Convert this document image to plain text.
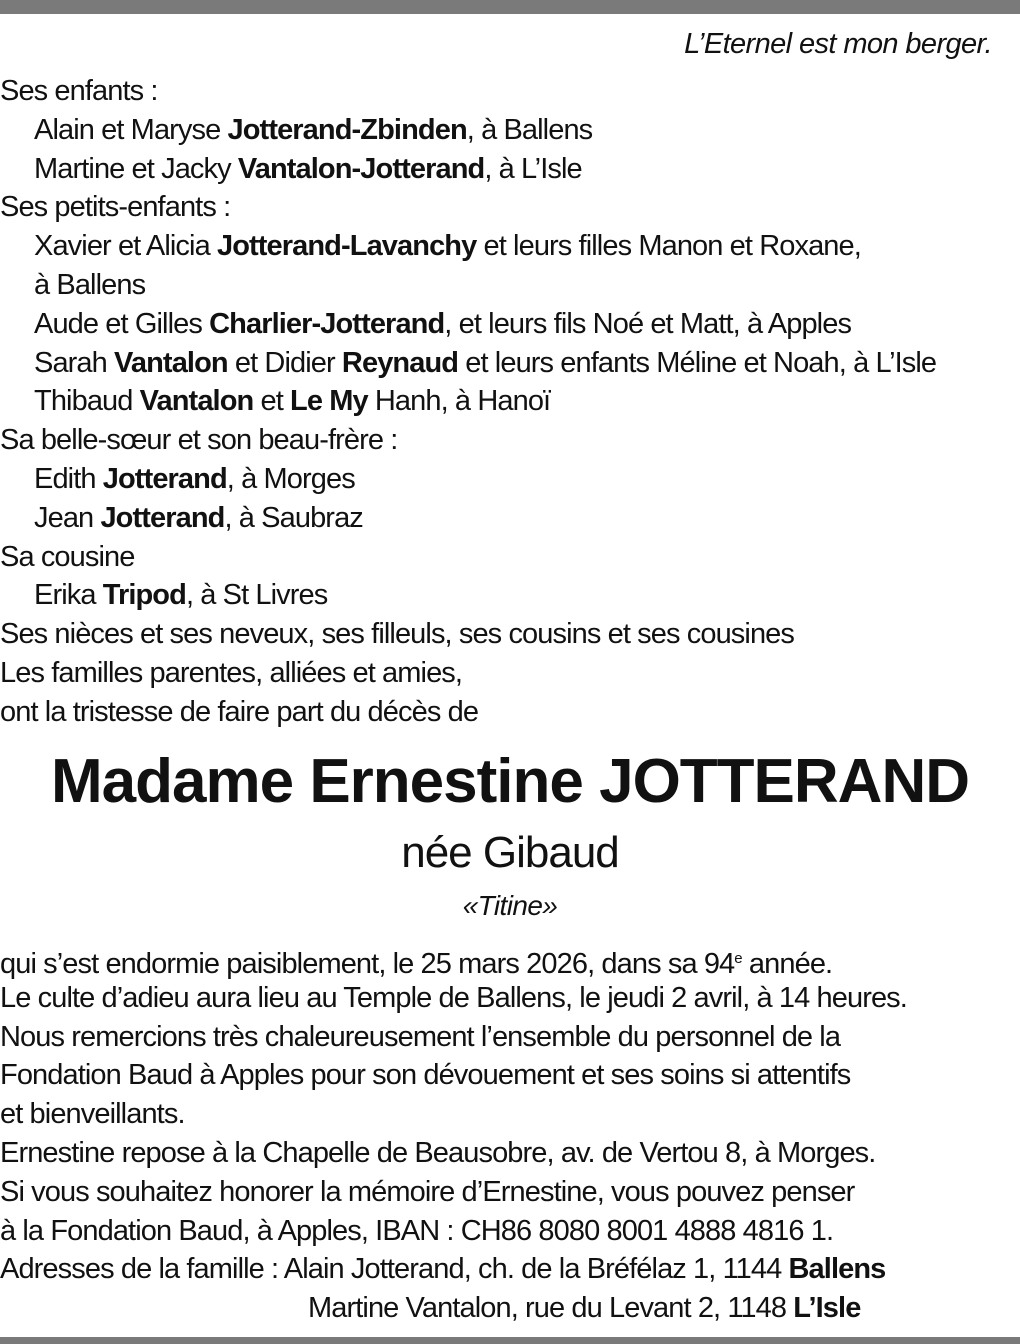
L’Eternel est mon berger.
Ses enfants :
Alain et Maryse Jotterand-Zbinden, à Ballens
Martine et Jacky Vantalon-Jotterand, à L’Isle
Ses petits-enfants :
Xavier et Alicia Jotterand-Lavanchy et leurs filles Manon et Roxane,
à Ballens
Aude et Gilles Charlier-Jotterand, et leurs fils Noé et Matt, à Apples
Sarah Vantalon et Didier Reynaud et leurs enfants Méline et Noah, à L’Isle
Thibaud Vantalon et Le My Hanh, à Hanoï
Sa belle-sœur et son beau-frère :
Edith Jotterand, à Morges
Jean Jotterand, à Saubraz
Sa cousine
Erika Tripod, à St Livres
Ses nièces et ses neveux, ses filleuls, ses cousins et ses cousines
Les familles parentes, alliées et amies,
ont la tristesse de faire part du décès de
Madame Ernestine JOTTERAND
née Gibaud
«Titine»
qui s’est endormie paisiblement, le 25 mars 2026, dans sa 94e année.
Le culte d’adieu aura lieu au Temple de Ballens, le jeudi 2 avril, à 14 heures.
Nous remercions très chaleureusement l’ensemble du personnel de la
Fondation Baud à Apples pour son dévouement et ses soins si attentifs
et bienveillants.
Ernestine repose à la Chapelle de Beausobre, av. de Vertou 8, à Morges.
Si vous souhaitez honorer la mémoire d’Ernestine, vous pouvez penser
à la Fondation Baud, à Apples, IBAN : CH86 8080 8001 4888 4816 1.
Adresses de la famille : Alain Jotterand, ch. de la Bréfélaz 1, 1144 Ballens
Martine Vantalon, rue du Levant 2, 1148 L’Isle
